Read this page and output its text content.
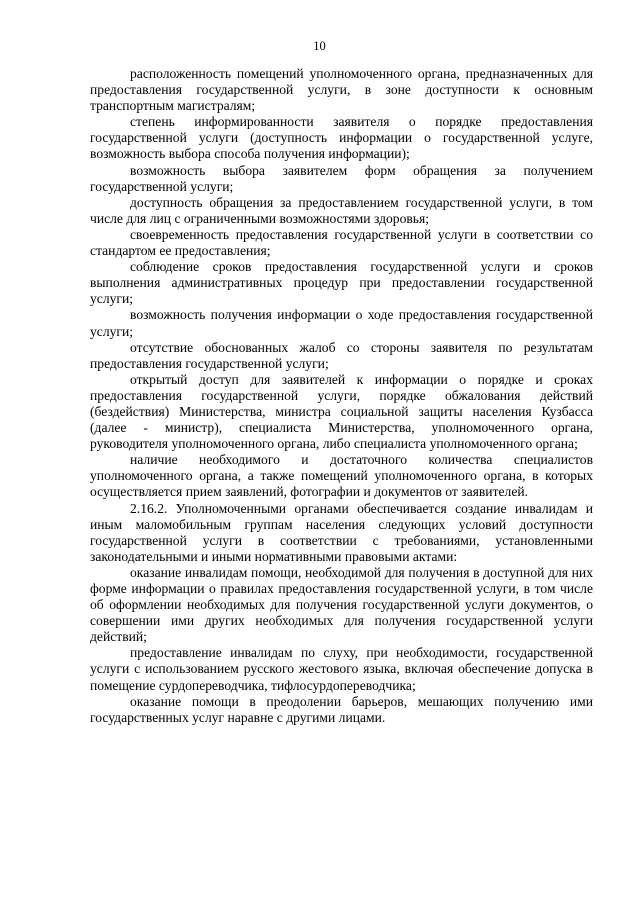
10

расположенность помещений уполномоченного органа, предназначенных для предоставления государственной услуги, в зоне доступности к основным транспортным магистралям;

степень информированности заявителя о порядке предоставления государственной услуги (доступность информации о государственной услуге, возможность выбора способа получения информации);

возможность выбора заявителем форм обращения за получением государственной услуги;

доступность обращения за предоставлением государственной услуги, в том числе для лиц с ограниченными возможностями здоровья;

своевременность предоставления государственной услуги в соответствии со стандартом ее предоставления;

соблюдение сроков предоставления государственной услуги и сроков выполнения административных процедур при предоставлении государственной услуги;

возможность получения информации о ходе предоставления государственной услуги;

отсутствие обоснованных жалоб со стороны заявителя по результатам предоставления государственной услуги;

открытый доступ для заявителей к информации о порядке и сроках предоставления государственной услуги, порядке обжалования действий (бездействия) Министерства, министра социальной защиты населения Кузбасса (далее - министр), специалиста Министерства, уполномоченного органа, руководителя уполномоченного органа, либо специалиста уполномоченного органа;

наличие необходимого и достаточного количества специалистов уполномоченного органа, а также помещений уполномоченного органа, в которых осуществляется прием заявлений, фотографии и документов от заявителей.

2.16.2. Уполномоченными органами обеспечивается создание инвалидам и иным маломобильным группам населения следующих условий доступности государственной услуги в соответствии с требованиями, установленными законодательными и иными нормативными правовыми актами:

оказание инвалидам помощи, необходимой для получения в доступной для них форме информации о правилах предоставления государственной услуги, в том числе об оформлении необходимых для получения государственной услуги документов, о совершении ими других необходимых для получения государственной услуги действий;

предоставление инвалидам по слуху, при необходимости, государственной услуги с использованием русского жестового языка, включая обеспечение допуска в помещение сурдопереводчика, тифлосурдопереводчика;

оказание помощи в преодолении барьеров, мешающих получению ими государственных услуг наравне с другими лицами.
